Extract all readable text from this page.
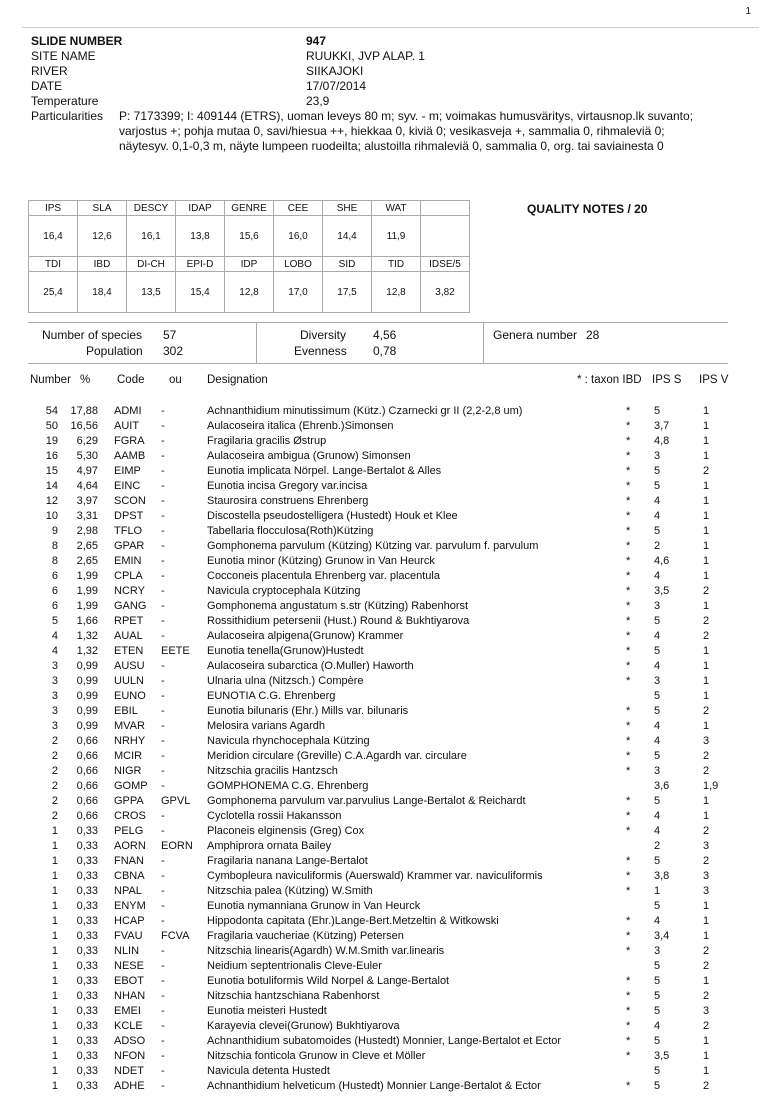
1
SLIDE NUMBER	947
SITE NAME	RUUKKI, JVP ALAP. 1
RIVER	SIIKAJOKI
DATE	17/07/2014
Temperature	23,9
Particularities P: 7173399; I: 409144 (ETRS), uoman leveys 80 m; syv. - m; voimakas humusväritys, virtausnop.lk suvanto; varjostus +; pohja mutaa 0, savi/hiesua ++, hiekkaa 0, kiviä 0; vesikasveja +, sammalia 0, rihmaleviä 0; näytesyv. 0,1-0,3 m, näyte lumpeen ruodeilta; alustoilla rihmaleviä 0, sammalia 0, org. tai saviainesta 0
IPS	SLA	DESCY	IDAP	GENRE	CEE	SHE	WAT	
16,4	12,6	16,1	13,8	15,6	16,0	14,4	11,9	
TDI	IBD	DI-CH	EPI-D	IDP	LOBO	SID	TID	IDSE/5
25,4	18,4	13,5	15,4	12,8	17,0	17,5	12,8	3,82
QUALITY NOTES / 20
Number of species 57
Population 302
Diversity 4,56
Evenness 0,78
Genera number 28
Number % Code ou Designation	* : taxon IBD IPS S IPS V
54	17,88 ADMI -	Achnanthidium minutissimum (Kütz.) Czarnecki gr II (2,2-2,8 um)	* 5	1
50	16,56 AUIT -	Aulacoseira italica (Ehrenb.)Simonsen	* 3,7	1
19	6,29 FGRA -	Fragilaria gracilis Østrup	* 4,8	1
16	5,30 AAMB -	Aulacoseira ambigua (Grunow) Simonsen	* 3	1
15	4,97 EIMP -	Eunotia implicata Nörpel. Lange-Bertalot & Alles	* 5	2
14	4,64 EINC -	Eunotia incisa Gregory var.incisa	* 5	1
12	3,97 SCON -	Staurosira construens Ehrenberg	* 4	1
10	3,31 DPST -	Discostella pseudostelligera (Hustedt) Houk et Klee	* 4	1
9	2,98 TFLO -	Tabellaria flocculosa(Roth)Kützing	* 5	1
8	2,65 GPAR -	Gomphonema parvulum (Kützing) Kützing var. parvulum f. parvulum	* 2	1
8	2,65 EMIN -	Eunotia minor (Kützing) Grunow in Van Heurck	* 4,6	1
6	1,99 CPLA -	Cocconeis placentula Ehrenberg var. placentula	* 4	1
6	1,99 NCRY -	Navicula cryptocephala Kützing	* 3,5	2
6	1,99 GANG -	Gomphonema angustatum s.str (Kützing) Rabenhorst	* 3	1
5	1,66 RPET -	Rossithidium petersenii (Hust.) Round & Bukhtiyarova	* 5	2
4	1,32 AUAL -	Aulacoseira alpigena(Grunow) Krammer	* 4	2
4	1,32 ETEN EETE Eunotia tenella(Grunow)Hustedt	* 5	1
3	0,99 AUSU -	Aulacoseira subarctica (O.Muller) Haworth	* 4	1
3	0,99 UULN -	Ulnaria ulna (Nitzsch.) Compère	* 3	1
3	0,99 EUNO -	EUNOTIA C.G. Ehrenberg	5	1
3	0,99 EBIL -	Eunotia bilunaris (Ehr.) Mills var. bilunaris	* 5	2
3	0,99 MVAR -	Melosira varians Agardh	* 4	1
2	0,66 NRHY -	Navicula rhynchocephala Kützing	* 4	3
2	0,66 MCIR -	Meridion circulare (Greville) C.A.Agardh var. circulare	* 5	2
2	0,66 NIGR -	Nitzschia gracilis Hantzsch	* 3	2
2	0,66 GOMP -	GOMPHONEMA C.G. Ehrenberg	3,6	1,9
2	0,66 GPPA GPVL Gomphonema parvulum var.parvulius Lange-Bertalot & Reichardt	* 5	1
2	0,66 CROS -	Cyclotella rossii Hakansson	* 4	1
1	0,33 PELG -	Placoneis elginensis (Greg) Cox	* 4	2
1	0,33 AORN EORN Amphiprora ornata Bailey	2	3
1	0,33 FNAN -	Fragilaria nanana Lange-Bertalot	* 5	2
1	0,33 CBNA -	Cymbopleura naviculiformis (Auerswald) Krammer var. naviculiformis	* 3,8	3
1	0,33 NPAL -	Nitzschia palea (Kützing) W.Smith	* 1	3
1	0,33 ENYM -	Eunotia nymanniana Grunow in Van Heurck	5	1
1	0,33 HCAP -	Hippodonta capitata (Ehr.)Lange-Bert.Metzeltin & Witkowski	* 4	1
1	0,33 FVAU FCVA Fragilaria vaucheriae (Kützing) Petersen	* 3,4	1
1	0,33 NLIN -	Nitzschia linearis(Agardh) W.M.Smith var.linearis	* 3	2
1	0,33 NESE -	Neidium septentrionalis Cleve-Euler	5	2
1	0,33 EBOT -	Eunotia botuliformis Wild Norpel & Lange-Bertalot	* 5	1
1	0,33 NHAN -	Nitzschia hantzschiana Rabenhorst	* 5	2
1	0,33 EMEI -	Eunotia meisteri Hustedt	* 5	3
1	0,33 KCLE -	Karayevia clevei(Grunow) Bukhtiyarova	* 4	2
1	0,33 ADSO -	Achnanthidium subatomoides (Hustedt) Monnier, Lange-Bertalot et Ector	* 5	1
1	0,33 NFON -	Nitzschia fonticola Grunow in Cleve et Möller	* 3,5	1
1	0,33 NDET -	Navicula detenta Hustedt	5	1
1	0,33 ADHE -	Achnanthidium helveticum (Hustedt) Monnier Lange-Bertalot & Ector	* 5	2
